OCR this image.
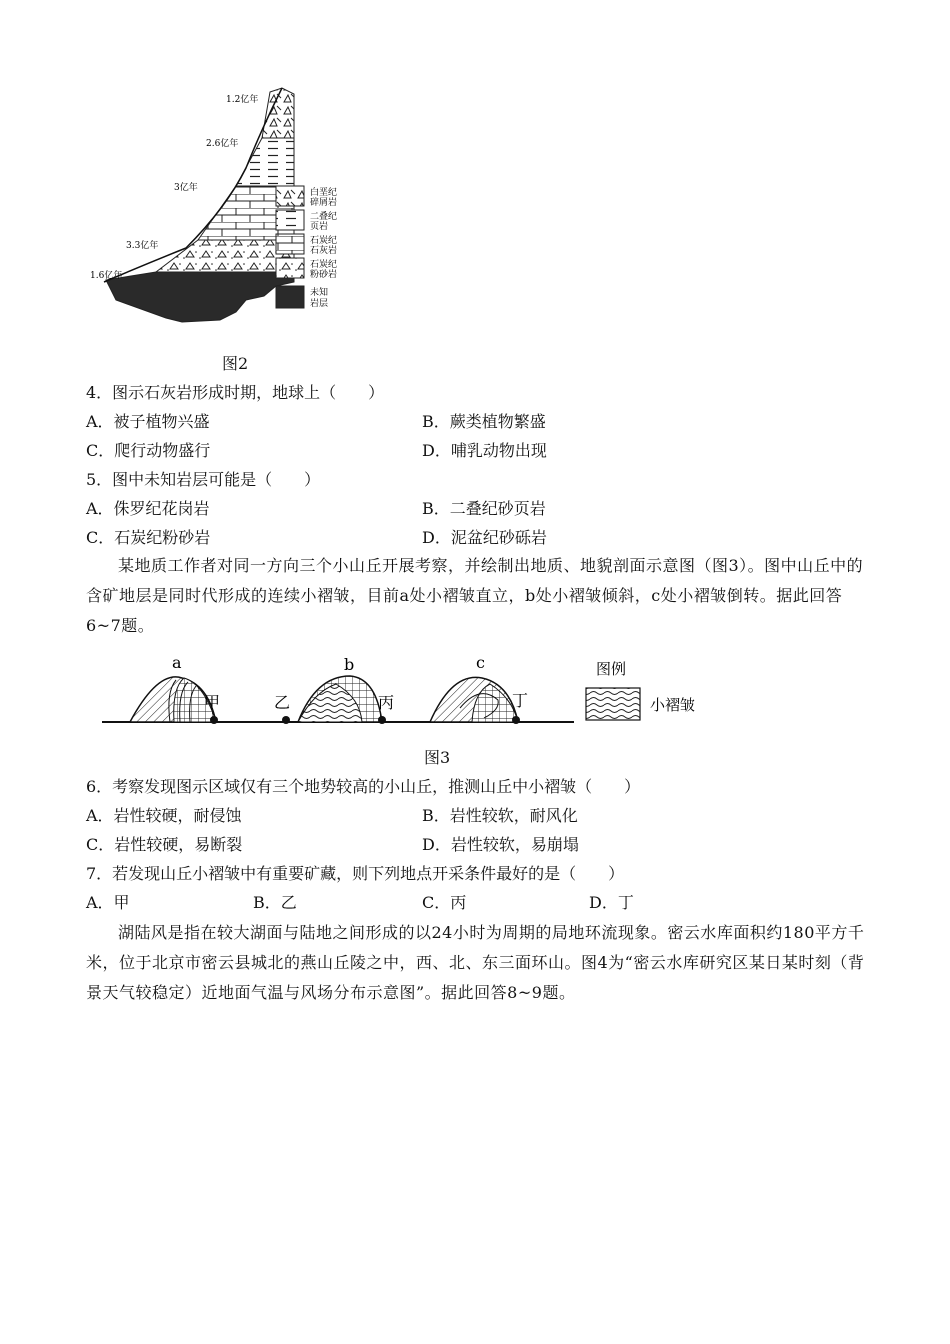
1.2亿年
2.6亿年
3亿年
3.3亿年
1.6亿年
白垩纪
碎屑岩
二叠纪
页岩
石炭纪
石灰岩
石炭纪
粉砂岩
未知
岩层
图2
4．图示石灰岩形成时期，地球上（　　）
A．被子植物兴盛	B．蕨类植物繁盛
C．爬行动物盛行	D．哺乳动物出现
5．图中未知岩层可能是（　　）
A．侏罗纪花岗岩	B．二叠纪砂页岩
C．石炭纪粉砂岩	D．泥盆纪砂砾岩
某地质工作者对同一方向三个小山丘开展考察，并绘制出地质、地貌剖面示意图（图3）。图中山丘中的含矿地层是同时代形成的连续小褶皱，目前a处小褶皱直立，b处小褶皱倾斜，c处小褶皱倒转。据此回答6~7题。
a	b	c
甲	乙	丙	丁
图例
小褶皱
图3
6．考察发现图示区域仅有三个地势较高的小山丘，推测山丘中小褶皱（　　）
A．岩性较硬，耐侵蚀	B．岩性较软，耐风化
C．岩性较硬，易断裂	D．岩性较软，易崩塌
7．若发现山丘小褶皱中有重要矿藏，则下列地点开采条件最好的是（　　）
A．甲	B．乙	C．丙	D．丁
湖陆风是指在较大湖面与陆地之间形成的以24小时为周期的局地环流现象。密云水库面积约180平方千米，位于北京市密云县城北的燕山丘陵之中，西、北、东三面环山。图4为“密云水库研究区某日某时刻（背景天气较稳定）近地面气温与风场分布示意图”。据此回答8~9题。
